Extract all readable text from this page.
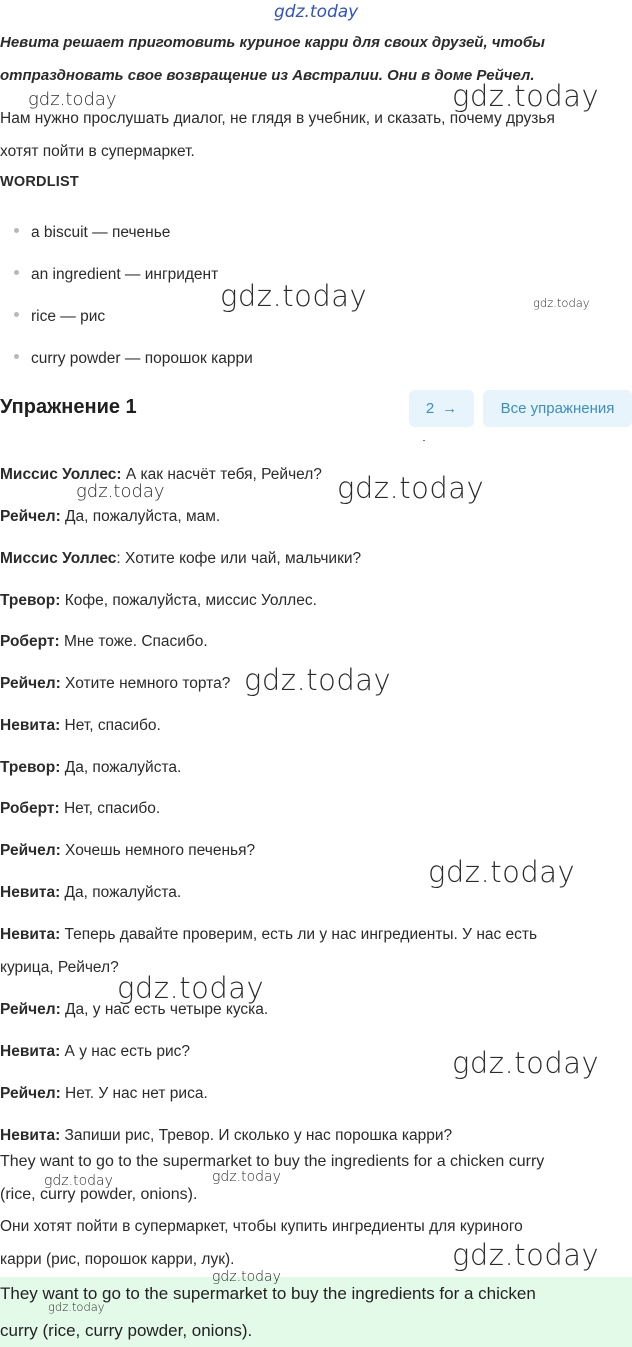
gdz.today
Невита решает приготовить куриное карри для своих друзей, чтобы
отпраздновать свое возвращение из Австралии. Они в доме Рейчел.
Нам нужно прослушать диалог, не глядя в учебник, и сказать, почему друзья
хотят пойти в супермаркет.
WORDLIST
a biscuit — печенье
an ingredient — ингридент
rice — рис
curry powder — порошок карри
Упражнение 1	2 →	Все упражнения
Миссис Уоллес: А как насчёт тебя, Рейчел?
Рейчел: Да, пожалуйста, мам.
Миссис Уоллес: Хотите кофе или чай, мальчики?
Тревор: Кофе, пожалуйста, миссис Уоллес.
Роберт: Мне тоже. Спасибо.
Рейчел: Хотите немного торта?
Невита: Нет, спасибо.
Тревор: Да, пожалуйста.
Роберт: Нет, спасибо.
Рейчел: Хочешь немного печенья?
Невита: Да, пожалуйста.
Невита: Теперь давайте проверим, есть ли у нас ингредиенты. У нас есть
курица, Рейчел?
Рейчел: Да, у нас есть четыре куска.
Невита: А у нас есть рис?
Рейчел: Нет. У нас нет риса.
Невита: Запиши рис, Тревор. И сколько у нас порошка карри?
They want to go to the supermarket to buy the ingredients for a chicken curry
(rice, curry powder, onions).
Они хотят пойти в супермаркет, чтобы купить ингредиенты для куриного
карри (рис, порошок карри, лук).
They want to go to the supermarket to buy the ingredients for a chicken
curry (rice, curry powder, onions).
gdz.today	gdz.today
gdz.today	gdz.today
gdz.today	gdz.today
gdz.today
gdz.today
gdz.today
gdz.today
gdz.today	gdz.today
gdz.today
gdz.today
gdz.today
